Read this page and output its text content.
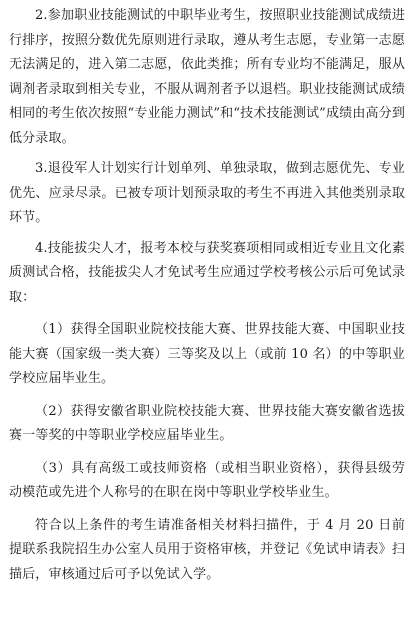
2.参加职业技能测试的中职毕业考生，按照职业技能测试成绩进行排序，按照分数优先原则进行录取，遵从考生志愿，专业第一志愿无法满足的，进入第二志愿，依此类推；所有专业均不能满足，服从调剂者录取到相关专业，不服从调剂者予以退档。职业技能测试成绩相同的考生依次按照“专业能力测试”和“技术技能测试”成绩由高分到低分录取。

3.退役军人计划实行计划单列、单独录取，做到志愿优先、专业优先、应录尽录。已被专项计划预录取的考生不再进入其他类别录取环节。

4.技能拔尖人才，报考本校与获奖赛项相同或相近专业且文化素质测试合格，技能拔尖人才免试考生应通过学校考核公示后可免试录取：

（1）获得全国职业院校技能大赛、世界技能大赛、中国职业技能大赛（国家级一类大赛）三等奖及以上（或前 10 名）的中等职业学校应届毕业生。

（2）获得安徽省职业院校技能大赛、世界技能大赛安徽省选拔赛一等奖的中等职业学校应届毕业生。

（3）具有高级工或技师资格（或相当职业资格），获得县级劳动模范或先进个人称号的在职在岗中等职业学校毕业生。

符合以上条件的考生请准备相关材料扫描件，于 4 月 20 日前提联系我院招生办公室人员用于资格审核，并登记《免试申请表》扫描后，审核通过后可予以免试入学。
